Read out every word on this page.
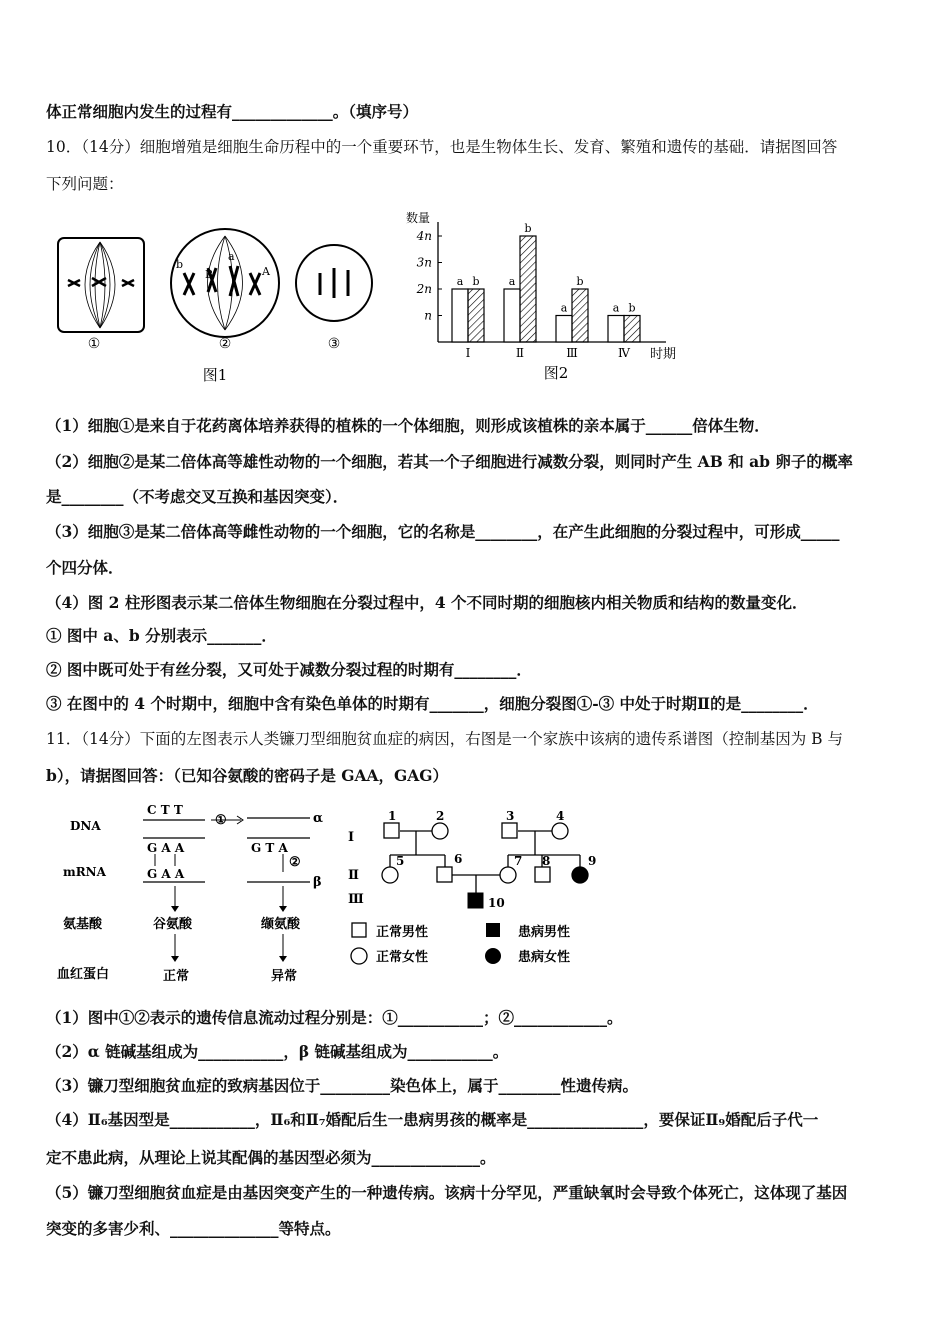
体正常细胞内发生的过程有_____________。（填序号）
10．（14分）细胞增殖是细胞生命历程中的一个重要环节，也是生物体生长、发育、繁殖和遗传的基础．请据图回答
下列问题：
b
B
a
A
①	②	③
图1
n
2n
3n
4n
a b
Ⅰ
a
b
Ⅱ
a
b
Ⅲ
a b
Ⅳ
数量
时期
图2
（1）细胞①是来自于花药离体培养获得的植株的一个体细胞，则形成该植株的亲本属于______倍体生物．
（2）细胞②是某二倍体高等雄性动物的一个细胞，若其一个子细胞进行减数分裂，则同时产生 AB 和 ab 卵子的概率
是________（不考虑交叉互换和基因突变）．
（3）细胞③是某二倍体高等雌性动物的一个细胞，它的名称是________，在产生此细胞的分裂过程中，可形成_____
个四分体．
（4）图 2 柱形图表示某二倍体生物细胞在分裂过程中，4 个不同时期的细胞核内相关物质和结构的数量变化．
① 图中 a、b 分别表示_______．
② 图中既可处于有丝分裂，又可处于减数分裂过程的时期有________．
③ 在图中的 4 个时期中，细胞中含有染色单体的时期有_______，细胞分裂图①-③ 中处于时期Ⅱ的是________．
11．（14分）下面的左图表示人类镰刀型细胞贫血症的病因，右图是一个家族中该病的遗传系谱图（控制基因为 B 与
b），请据图回答：（已知谷氨酸的密码子是 GAA，GAG）
DNA
mRNA
氨基酸
血红蛋白
C T T
G A A
G A A
谷氨酸
正常
①	α
G T A
②
β
缬氨酸
异常
Ⅰ
Ⅱ
Ⅲ
1	2	3	4
5	6	7 8	9
10
正常男性	患病男性
正常女性	患病女性
（1）图中①②表示的遗传信息流动过程分别是：①___________；②____________。
（2）α 链碱基组成为___________，β 链碱基组成为___________。
（3）镰刀型细胞贫血症的致病基因位于_________染色体上，属于________性遗传病。
（4）Ⅱ₆基因型是___________，Ⅱ₆和Ⅱ₇婚配后生一患病男孩的概率是_______________，要保证Ⅱ₉婚配后子代一
定不患此病，从理论上说其配偶的基因型必须为______________。
（5）镰刀型细胞贫血症是由基因突变产生的一种遗传病。该病十分罕见，严重缺氧时会导致个体死亡，这体现了基因
突变的多害少利、______________等特点。
